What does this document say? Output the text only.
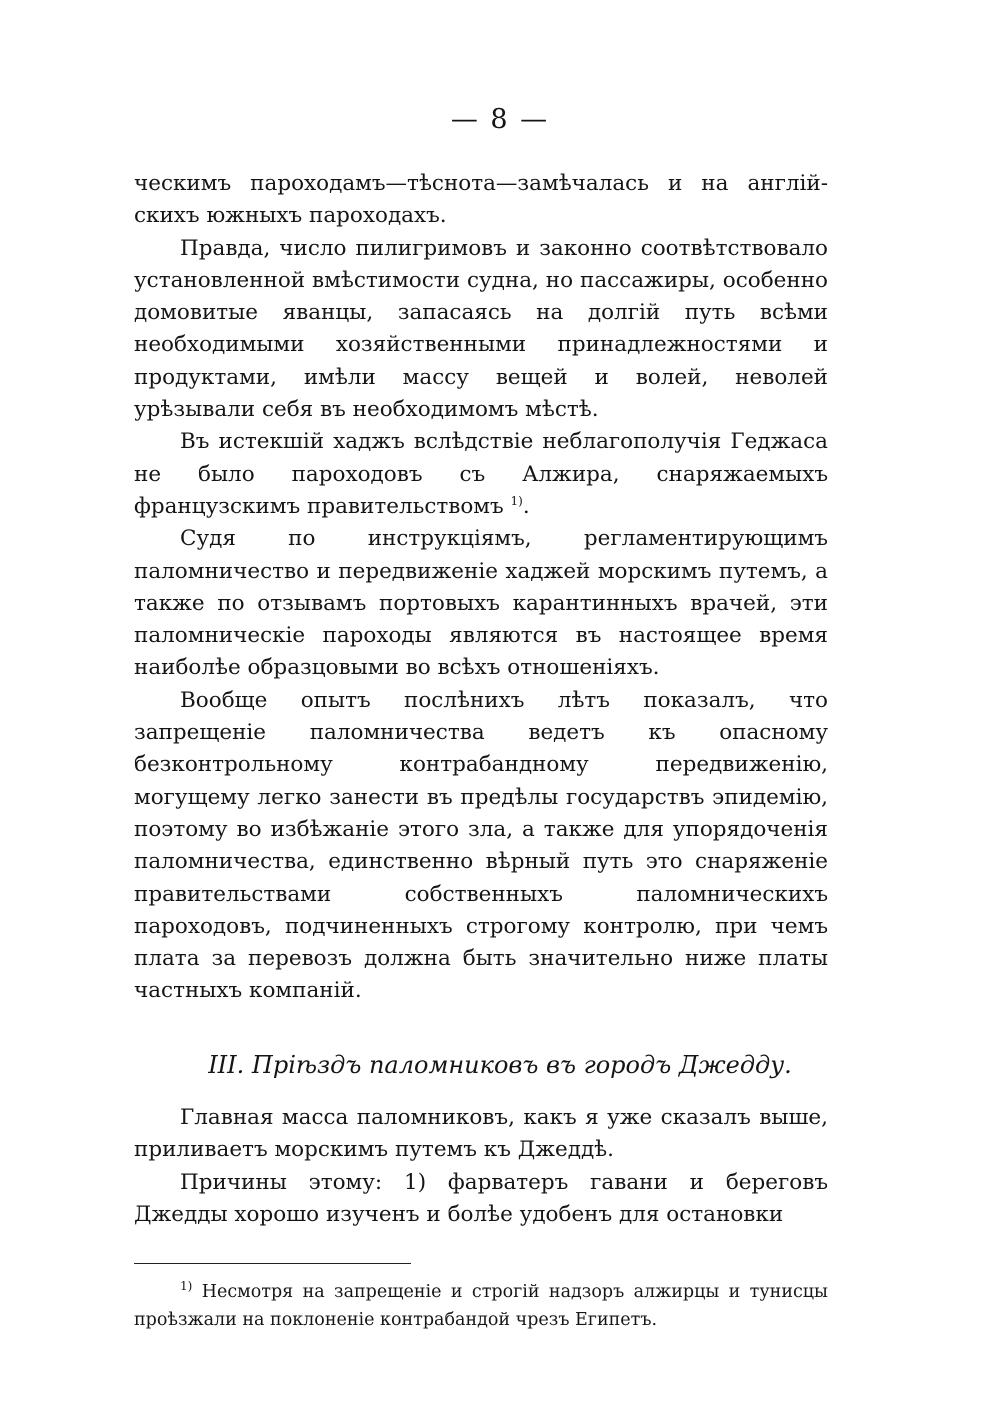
— 8 —

ческимъ пароходамъ—тѣснота—замѣчалась и на англій-скихъ южныхъ пароходахъ.

Правда, число пилигримовъ и законно соотвѣтствовало установленной вмѣстимости судна, но пассажиры, особенно домовитые яванцы, запасаясь на долгій путь всѣми необходимыми хозяйственными принадлежностями и продуктами, имѣли массу вещей и волей, неволей урѣзывали себя въ необходимомъ мѣстѣ.

Въ истекшій хаджъ вслѣдствіе неблагополучія Геджаса не было пароходовъ съ Алжира, снаряжаемыхъ французскимъ правительствомъ $^{1)}$.

Судя по инструкціямъ, регламентирующимъ паломничество и передвиженіе хаджей морскимъ путемъ, а также по отзывамъ портовыхъ карантинныхъ врачей, эти паломническіе пароходы являются въ настоящее время наиболѣе образцовыми во всѣхъ отношеніяхъ.

Вообще опытъ послѣнихъ лѣтъ показалъ, что запрещеніе паломничества ведетъ къ опасному безконтрольному контрабандному передвиженію, могущему легко занести въ предѣлы государствъ эпидемію, поэтому во избѣжаніе этого зла, а также для упорядоченія паломничества, единственно вѣрный путь это снаряженіе правительствами собственныхъ паломническихъ пароходовъ, подчиненныхъ строгому контролю, при чемъ плата за перевозъ должна быть значительно ниже платы частныхъ компаній.

III. Пріѣздъ паломниковъ въ городъ Джедду.

Главная масса паломниковъ, какъ я уже сказалъ выше, приливаетъ морскимъ путемъ къ Джеддѣ.

Причины этому: 1) фарватеръ гавани и береговъ Джедды хорошо изученъ и болѣе удобенъ для остановки

$^{1)}$ Несмотря на запрещеніе и строгій надзоръ алжирцы и тунисцы проѣзжали на поклоненіе контрабандой чрезъ Египетъ.
